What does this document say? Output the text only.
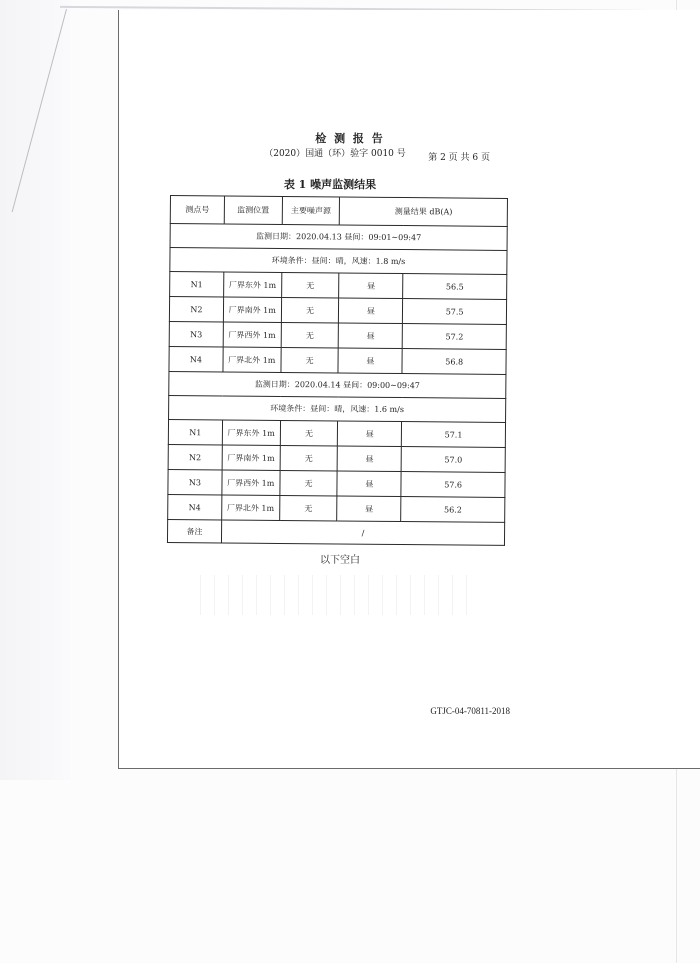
检 测 报 告
（2020）国通（环）验字 0010 号	第 2 页 共 6 页
表 1 噪声监测结果
测点号	监测位置	主要噪声源	测量结果 dB(A)	
监测日期：2020.04.13 昼间：09:01~09:47				
环境条件：昼间：晴，风速：1.8 m/s				
N1	厂界东外 1m	无	昼	56.5
N2	厂界南外 1m	无	昼	57.5
N3	厂界西外 1m	无	昼	57.2
N4	厂界北外 1m	无	昼	56.8
监测日期：2020.04.14 昼间：09:00~09:47				
环境条件：昼间：晴，风速：1.6 m/s				
N1	厂界东外 1m	无	昼	57.1
N2	厂界南外 1m	无	昼	57.0
N3	厂界西外 1m	无	昼	57.6
N4	厂界北外 1m	无	昼	56.2
备注	/			
以下空白
GTJC-04-70811-2018
